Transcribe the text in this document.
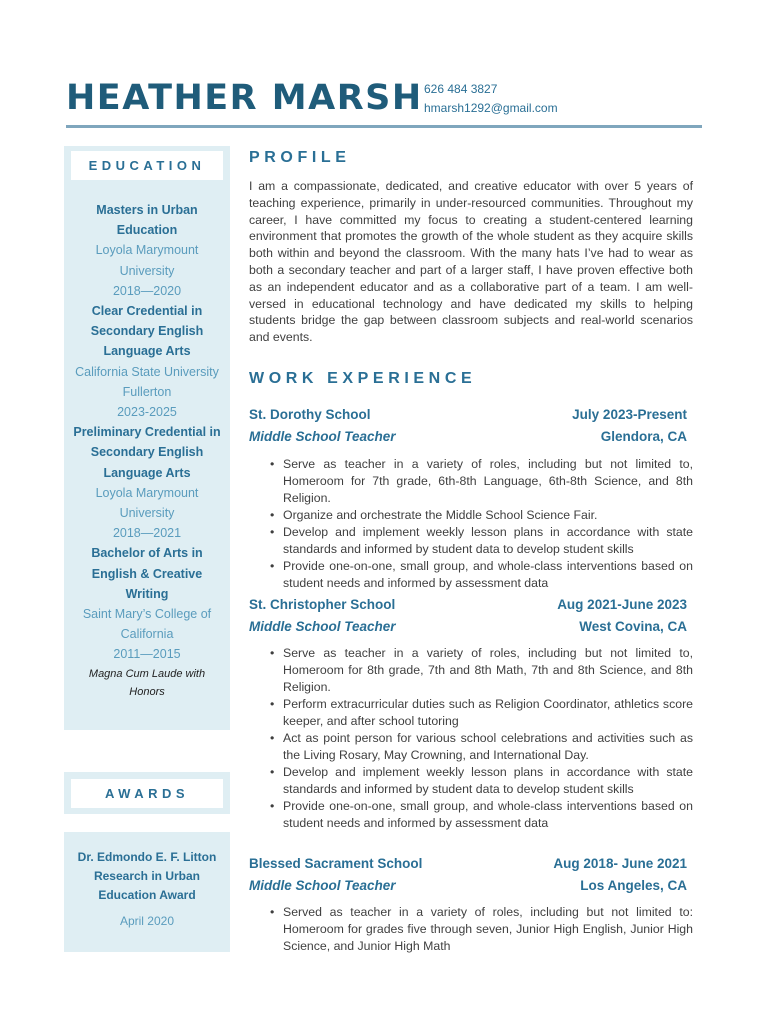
HEATHER MARSH 626 484 3827
hmarsh1292@gmail.com
EDUCATION
Masters in Urban Education
Loyola Marymount University
2018—2020
Clear Credential in Secondary English Language Arts
California State University Fullerton
2023-2025
Preliminary Credential in Secondary English Language Arts
Loyola Marymount University
2018—2021
Bachelor of Arts in English & Creative Writing
Saint Mary’s College of California
2011—2015
Magna Cum Laude with Honors
AWARDS
Dr. Edmondo E. F. Litton Research in Urban Education Award
April 2020
PROFILE
I am a compassionate, dedicated, and creative educator with over 5 years of teaching experience, primarily in under-resourced communities. Throughout my career, I have committed my focus to creating a student-centered learning environment that promotes the growth of the whole student as they acquire skills both within and beyond the classroom. With the many hats I’ve had to wear as both a secondary teacher and part of a larger staff, I have proven effective both as an independent educator and as a collaborative part of a team. I am well-versed in educational technology and have dedicated my skills to helping students bridge the gap between classroom subjects and real-world scenarios and events.
WORK EXPERIENCE
St. Dorothy School	July 2023-Present
Middle School Teacher	Glendora, CA
• Serve as teacher in a variety of roles, including but not limited to, Homeroom for 7th grade, 6th-8th Language, 6th-8th Science, and 8th Religion.
• Organize and orchestrate the Middle School Science Fair.
• Develop and implement weekly lesson plans in accordance with state standards and informed by student data to develop student skills
• Provide one-on-one, small group, and whole-class interventions based on student needs and informed by assessment data
St. Christopher School	Aug 2021-June 2023
Middle School Teacher	West Covina, CA
• Serve as teacher in a variety of roles, including but not limited to, Homeroom for 8th grade, 7th and 8th Math, 7th and 8th Science, and 8th Religion.
• Perform extracurricular duties such as Religion Coordinator, athletics score keeper, and after school tutoring
• Act as point person for various school celebrations and activities such as the Living Rosary, May Crowning, and International Day.
• Develop and implement weekly lesson plans in accordance with state standards and informed by student data to develop student skills
• Provide one-on-one, small group, and whole-class interventions based on student needs and informed by assessment data
Blessed Sacrament School	Aug 2018- June 2021
Middle School Teacher	Los Angeles, CA
• Served as teacher in a variety of roles, including but not limited to: Homeroom for grades five through seven, Junior High English, Junior High Science, and Junior High Math
